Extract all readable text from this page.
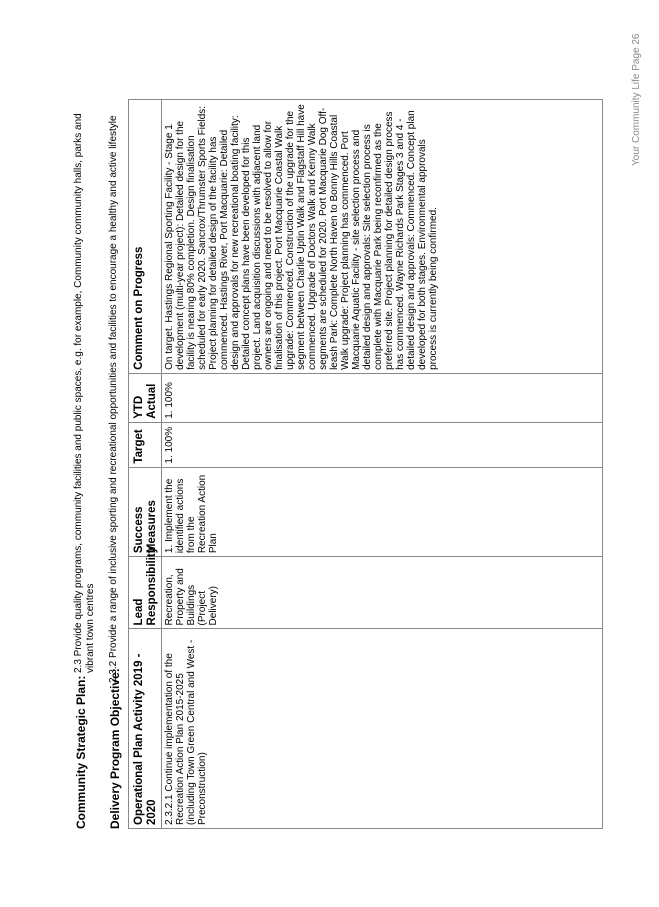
Community Strategic Plan:
2.3 Provide quality programs, community facilities and public spaces, e.g. for example, Community community halls, parks and vibrant town centres
Delivery Program Objective:
2.3.2 Provide a range of inclusive sporting and recreational opportunities and facilities to encourage a healthy and active lifestyle
Operational Plan Activity 2019 - 2020	Lead Responsibility	Success Measures	Target	YTD Actual	Comment on Progress
2.3.2.1 Continue implementation of the Recreation Action Plan 2015-2025 (including Town Green Central and West - Preconstruction)	Recreation, Property and Buildings (Project Delivery)	1. Implement the identified actions from the Recreation Action Plan	1. 100%	1. 100%	On target. Hastings Regional Sporting Facility - Stage 1 development (multi-year project): Detailed design for the facility is nearing 80% completion. Design finalisation scheduled for early 2020. Sancrox/Thrumster Sports Fields: Project planning for detailed design of the facility has commenced. Hastings River, Port Macquarie: Detailed design and approvals for new recreational boating facility: Detailed concept plans have been developed for this project. Land acquisition discussions with adjacent land owners are ongoing and need to be resolved to allow for finalisation of this project. Port Macquarie Coastal Walk upgrade: Commenced. Construction of the upgrade for the segment between Charlie Uptin Walk and Flagstaff Hill have commenced. Upgrade of Doctors Walk and Kenny Walk segments are scheduled for 2020. Port Macquarie Dog Off-leash Park: Complete North Haven to Bonny Hills Coastal Walk upgrade: Project planning has commenced. Port Macquarie Aquatic Facility - site selection process and detailed design and approvals: Site selection process is complete with Macquarie Park being reconfirmed as the preferred site. Project planning for detailed design process has commenced. Wayne Richards Park Stages 3 and 4 - detailed design and approvals: Commenced. Concept plan developed for both stages. Environmental approvals process is currently being confirmed.
Your Community Life Page 26
